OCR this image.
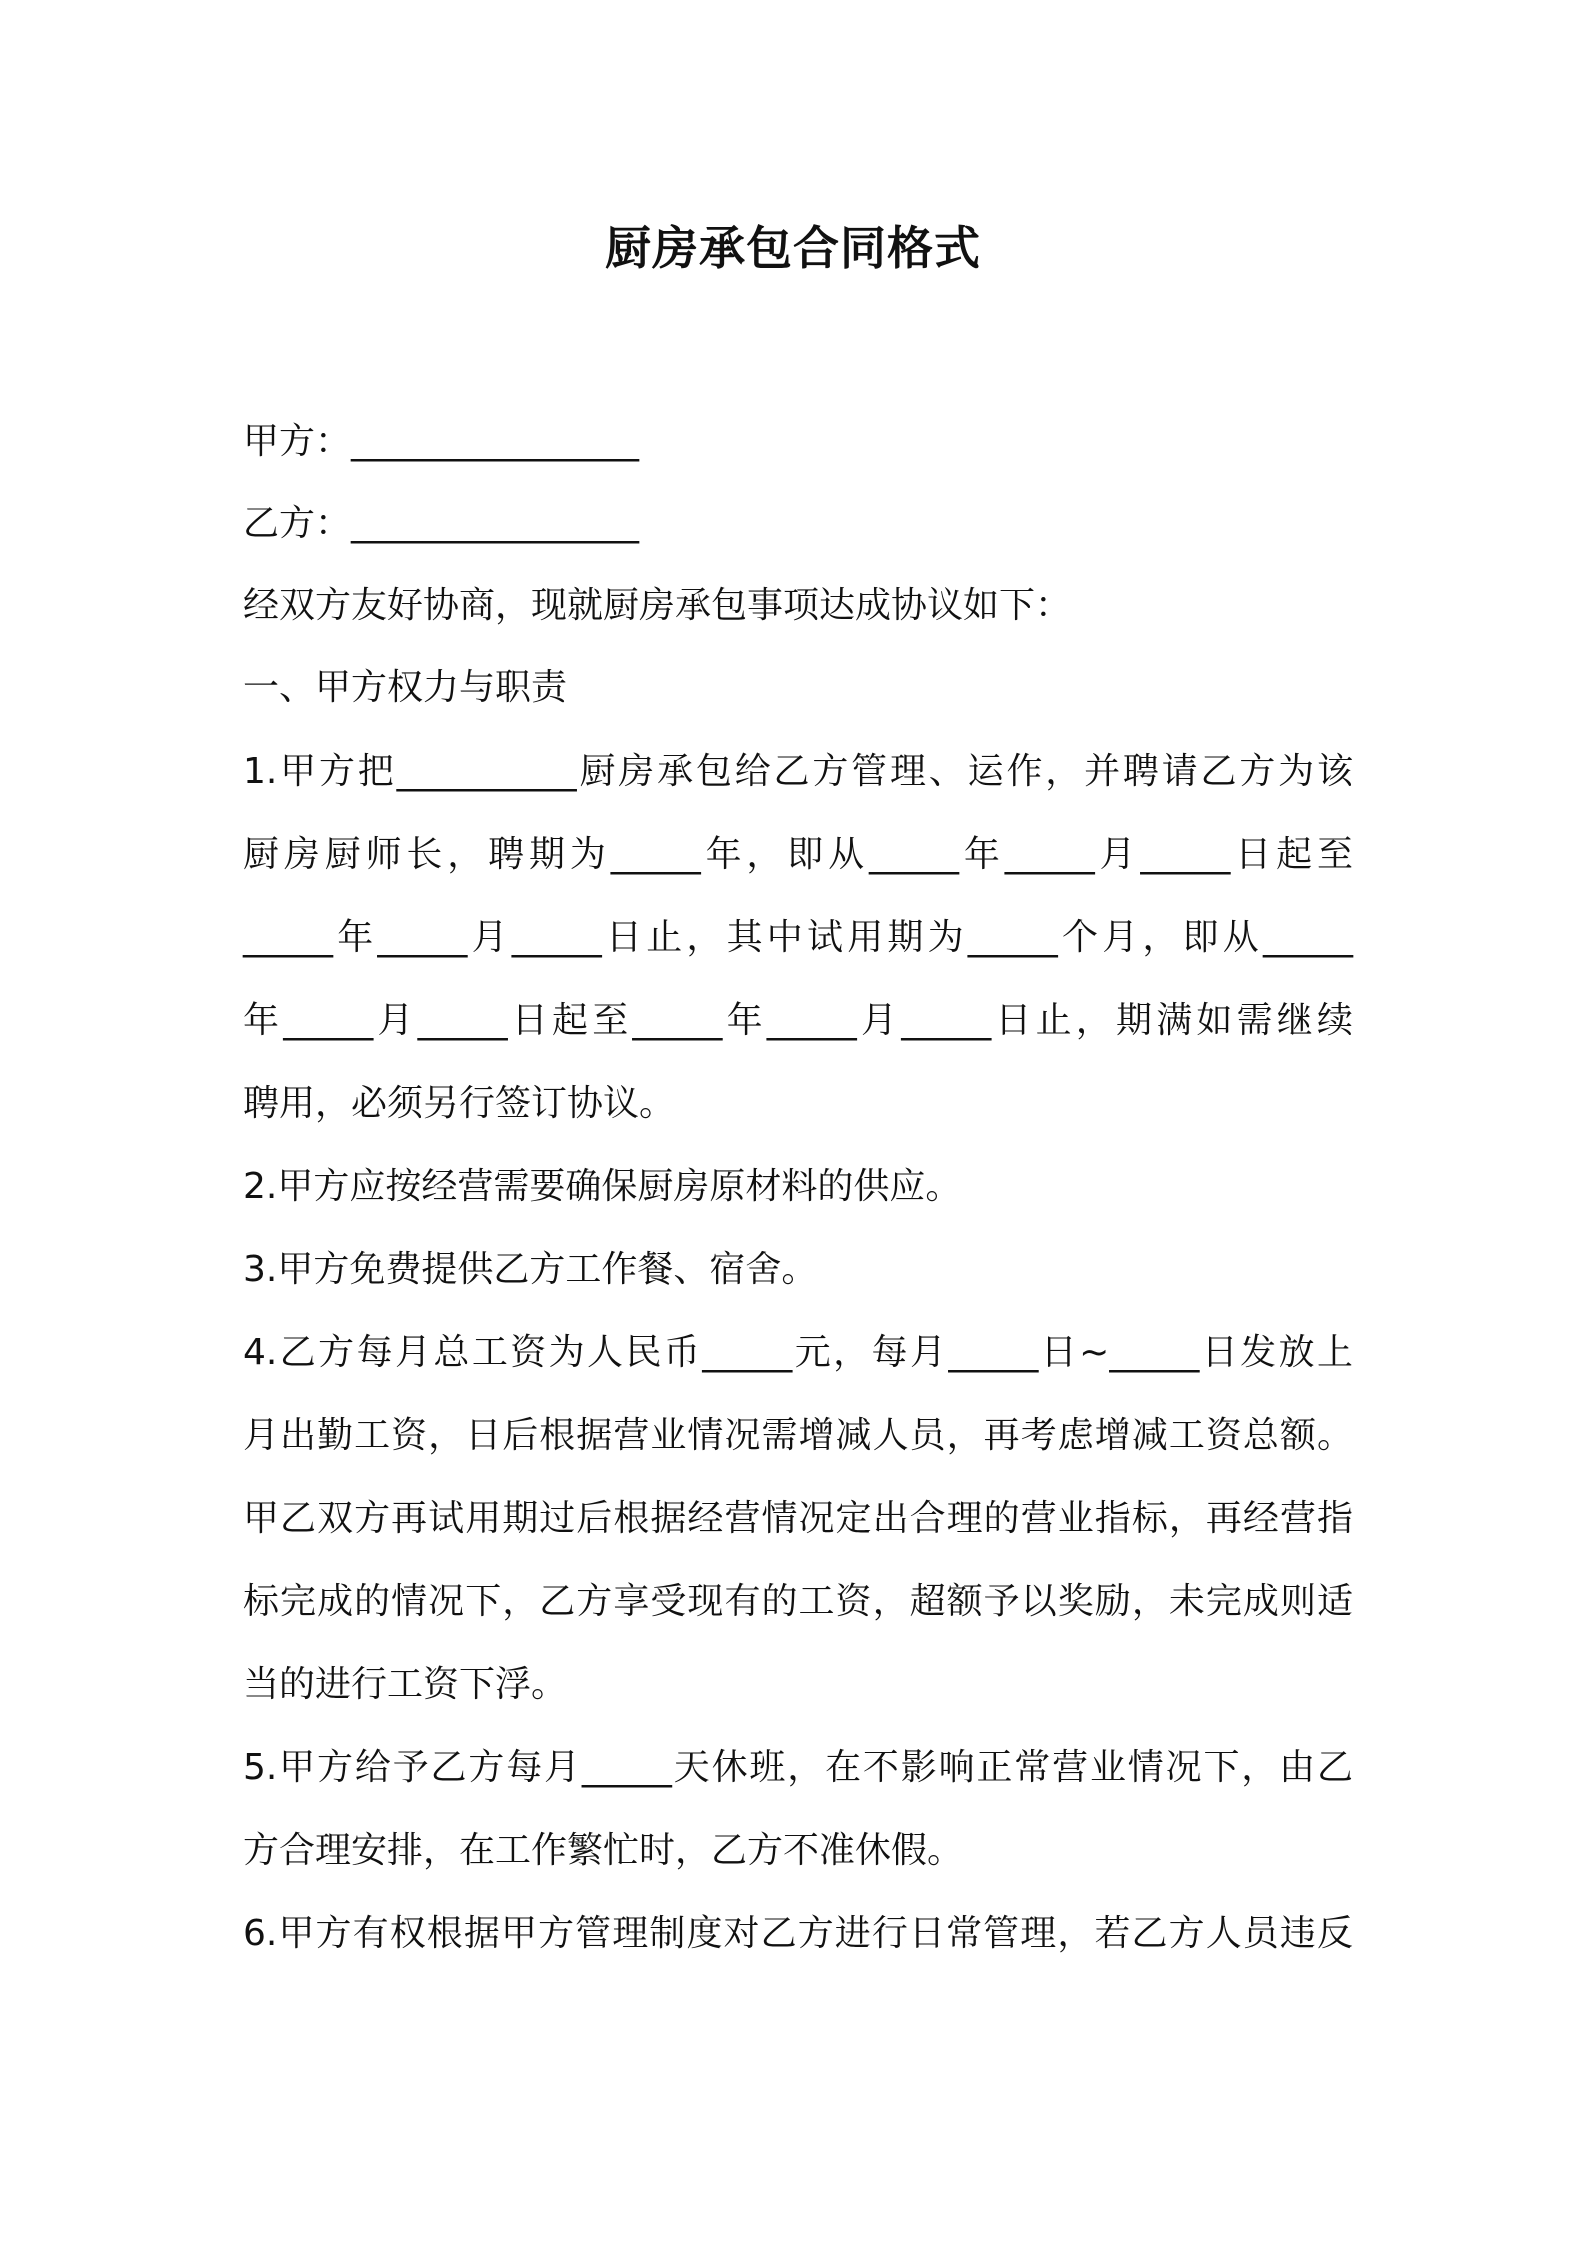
厨房承包合同格式
甲方：________________
乙方：________________
经双方友好协商，现就厨房承包事项达成协议如下：
一、甲方权力与职责
1.甲方把__________厨房承包给乙方管理、运作，并聘请乙方为该
厨房厨师长，聘期为_____年，即从_____年_____月_____日起至
_____年_____月_____日止，其中试用期为_____个月，即从_____
年_____月_____日起至_____年_____月_____日止，期满如需继续
聘用，必须另行签订协议。
2.甲方应按经营需要确保厨房原材料的供应。
3.甲方免费提供乙方工作餐、宿舍。
4.乙方每月总工资为人民币_____元，每月_____日~_____日发放上
月出勤工资，日后根据营业情况需增减人员，再考虑增减工资总额。
甲乙双方再试用期过后根据经营情况定出合理的营业指标，再经营指
标完成的情况下，乙方享受现有的工资，超额予以奖励，未完成则适
当的进行工资下浮。
5.甲方给予乙方每月_____天休班，在不影响正常营业情况下，由乙
方合理安排，在工作繁忙时，乙方不准休假。
6.甲方有权根据甲方管理制度对乙方进行日常管理，若乙方人员违反
